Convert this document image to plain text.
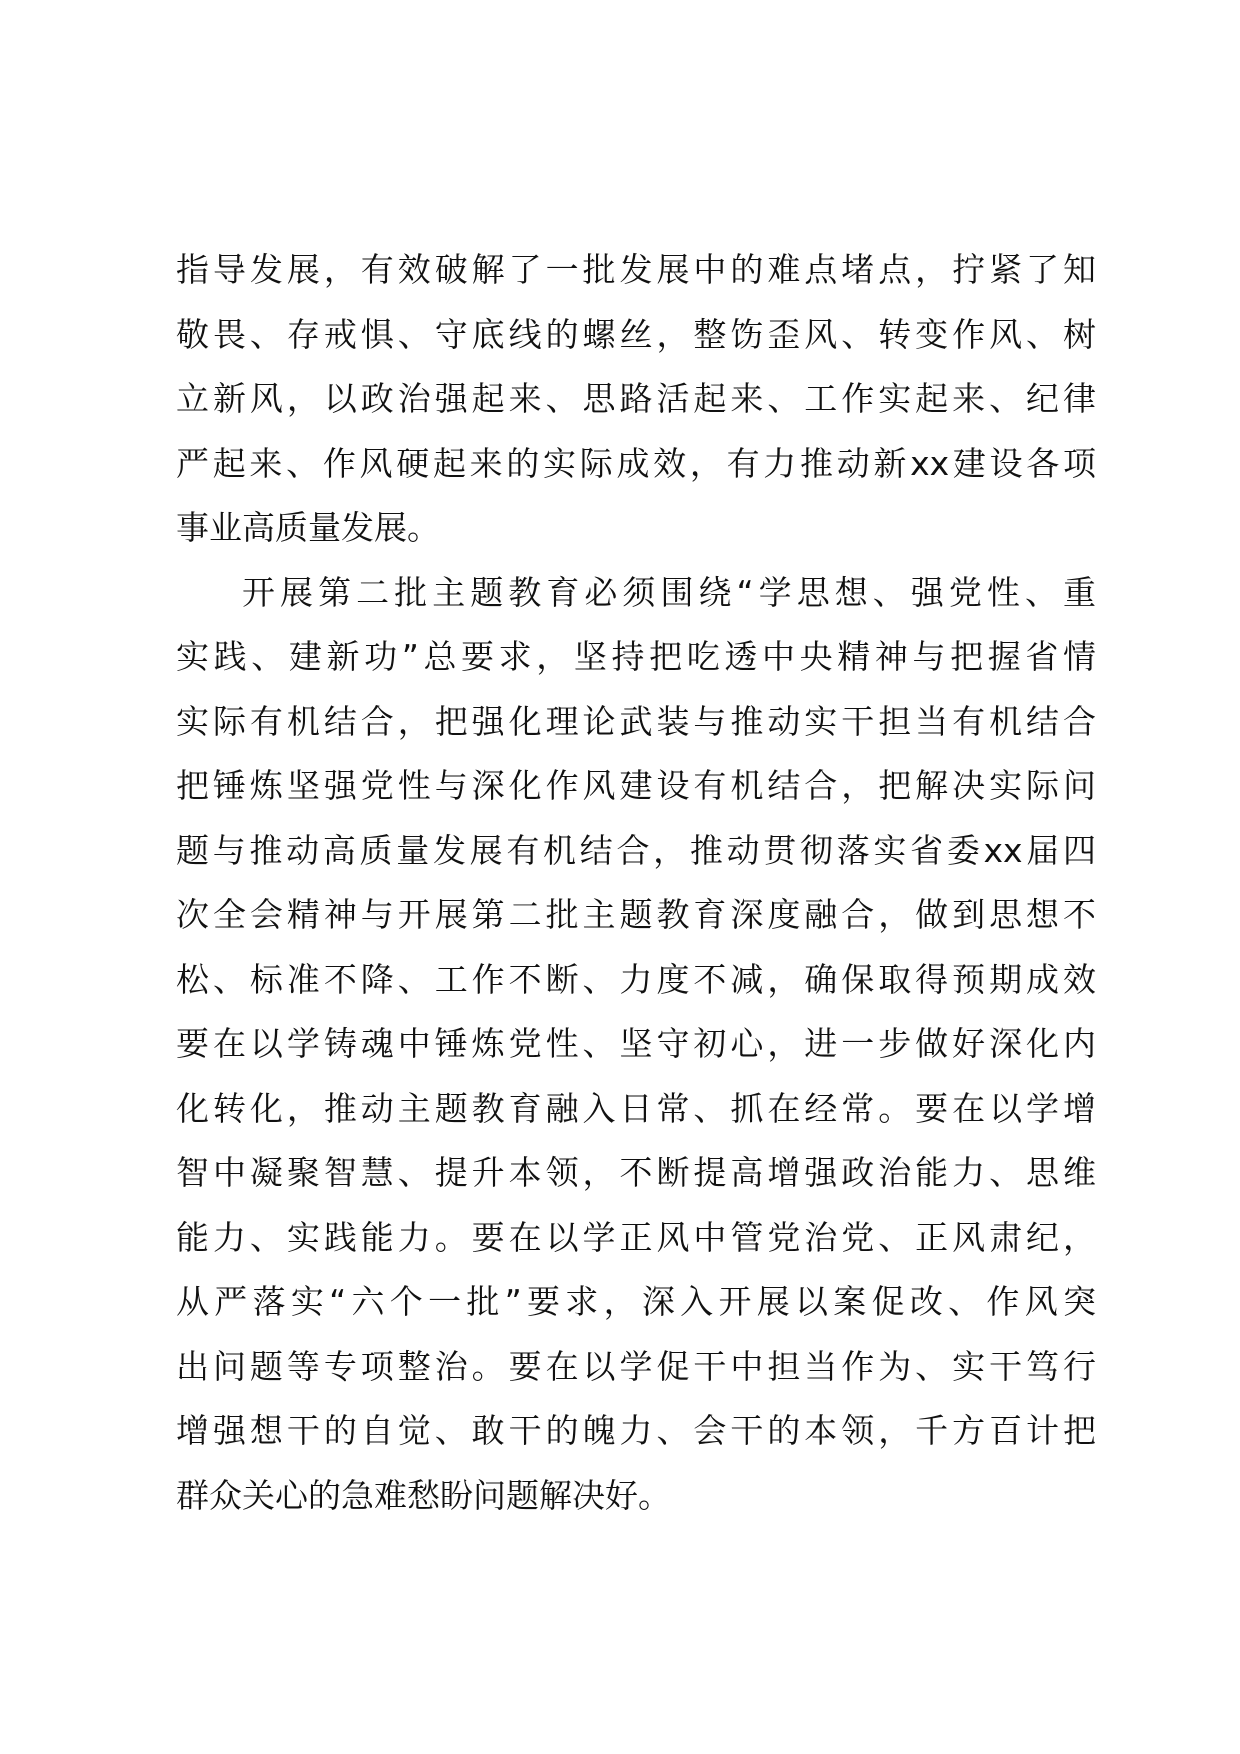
指导发展，有效破解了一批发展中的难点堵点，拧紧了知
敬畏、存戒惧、守底线的螺丝，整饬歪风、转变作风、树
立新风，以政治强起来、思路活起来、工作实起来、纪律
严起来、作风硬起来的实际成效，有力推动新xx建设各项
事业高质量发展。
开展第二批主题教育必须围绕“学思想、强党性、重
实践、建新功”总要求，坚持把吃透中央精神与把握省情
实际有机结合，把强化理论武装与推动实干担当有机结合
把锤炼坚强党性与深化作风建设有机结合，把解决实际问
题与推动高质量发展有机结合，推动贯彻落实省委xx届四
次全会精神与开展第二批主题教育深度融合，做到思想不
松、标准不降、工作不断、力度不减，确保取得预期成效
要在以学铸魂中锤炼党性、坚守初心，进一步做好深化内
化转化，推动主题教育融入日常、抓在经常。要在以学增
智中凝聚智慧、提升本领，不断提高增强政治能力、思维
能力、实践能力。要在以学正风中管党治党、正风肃纪，
从严落实“六个一批”要求，深入开展以案促改、作风突
出问题等专项整治。要在以学促干中担当作为、实干笃行
增强想干的自觉、敢干的魄力、会干的本领，千方百计把
群众关心的急难愁盼问题解决好。
